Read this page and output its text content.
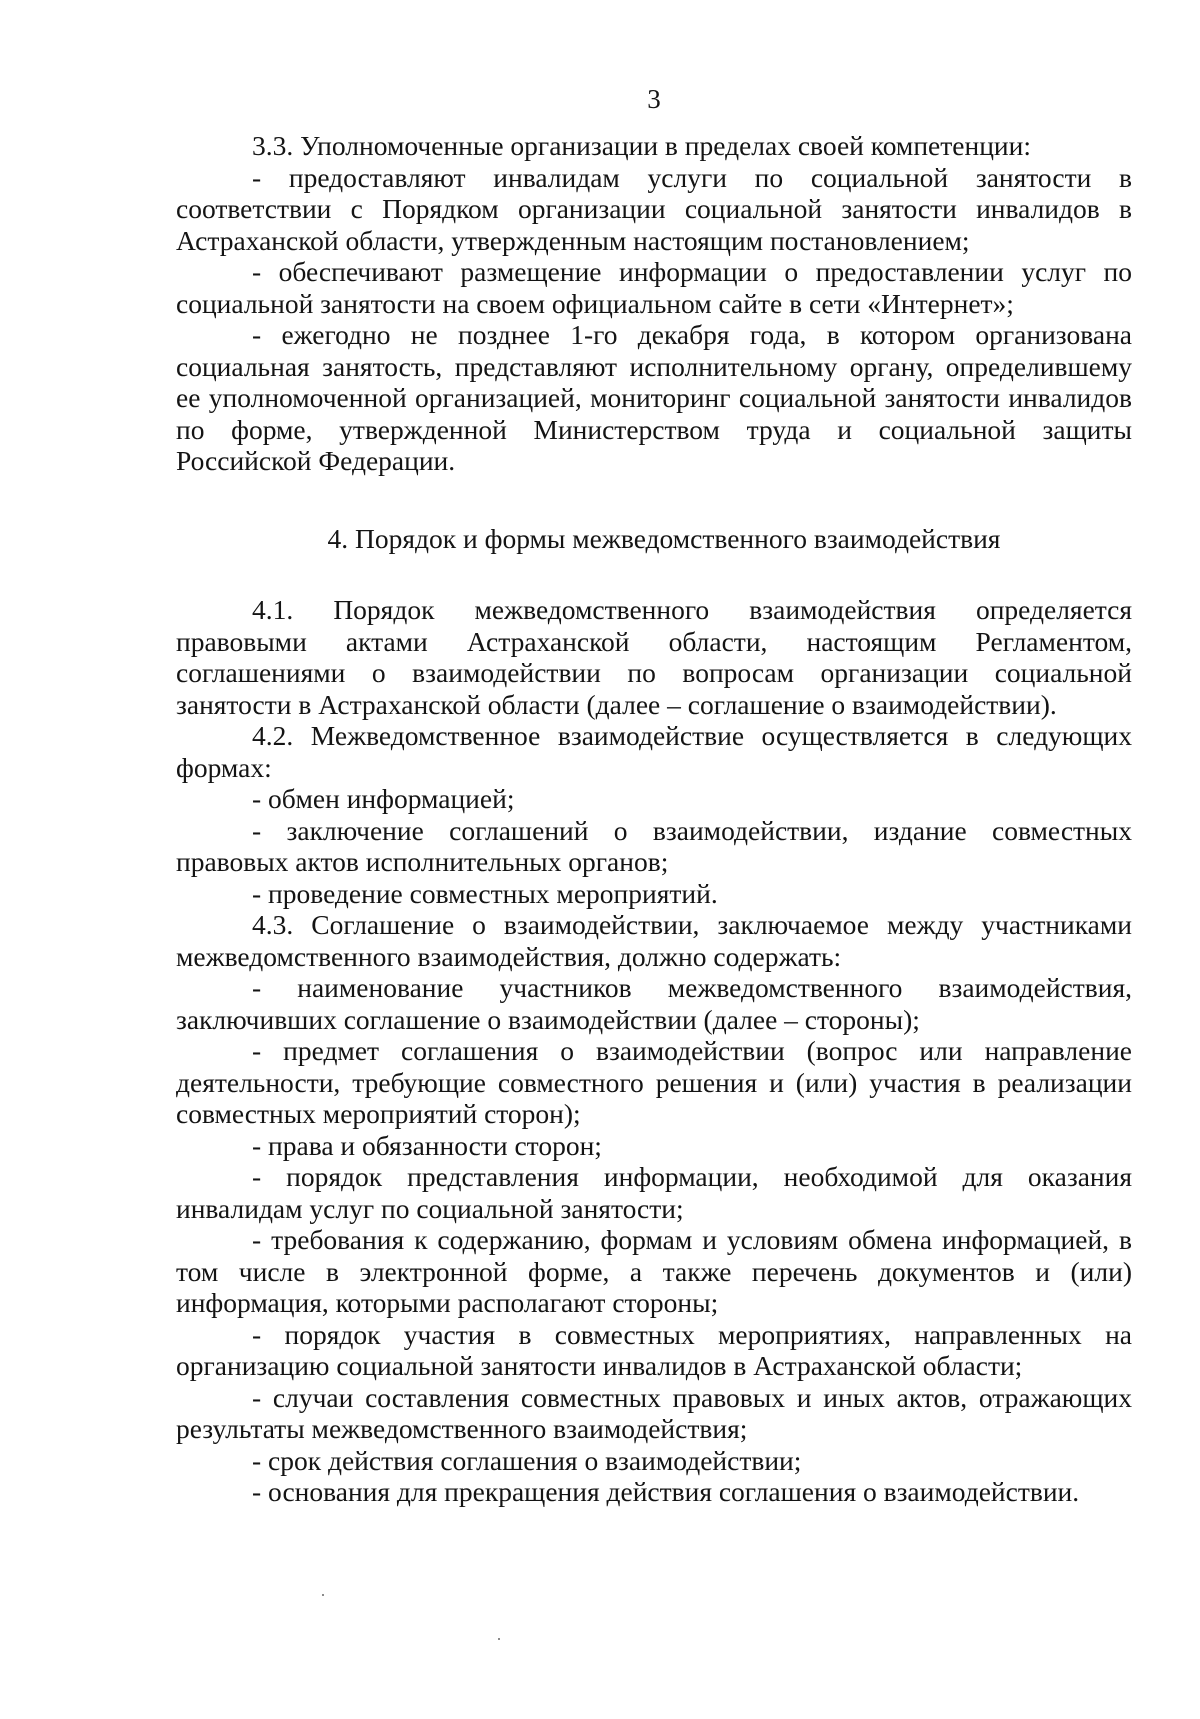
3

3.3. Уполномоченные организации в пределах своей компетенции:

- предоставляют инвалидам услуги по социальной занятости в соответствии с Порядком организации социальной занятости инвалидов в Астраханской области, утвержденным настоящим постановлением;

- обеспечивают размещение информации о предоставлении услуг по социальной занятости на своем официальном сайте в сети «Интернет»;

- ежегодно не позднее 1-го декабря года, в котором организована социальная занятость, представляют исполнительному органу, определившему ее уполномоченной организацией, мониторинг социальной занятости инвалидов по форме, утвержденной Министерством труда и социальной защиты Российской Федерации.

4. Порядок и формы межведомственного взаимодействия

4.1. Порядок межведомственного взаимодействия определяется правовыми актами Астраханской области, настоящим Регламентом, соглашениями о взаимодействии по вопросам организации социальной занятости в Астраханской области (далее – соглашение о взаимодействии).

4.2. Межведомственное взаимодействие осуществляется в следующих формах:

- обмен информацией;

- заключение соглашений о взаимодействии, издание совместных правовых актов исполнительных органов;

- проведение совместных мероприятий.

4.3. Соглашение о взаимодействии, заключаемое между участниками межведомственного взаимодействия, должно содержать:

- наименование участников межведомственного взаимодействия, заключивших соглашение о взаимодействии (далее – стороны);

- предмет соглашения о взаимодействии (вопрос или направление деятельности, требующие совместного решения и (или) участия в реализации совместных мероприятий сторон);

- права и обязанности сторон;

- порядок представления информации, необходимой для оказания инвалидам услуг по социальной занятости;

- требования к содержанию, формам и условиям обмена информацией, в том числе в электронной форме, а также перечень документов и (или) информация, которыми располагают стороны;

- порядок участия в совместных мероприятиях, направленных на организацию социальной занятости инвалидов в Астраханской области;

- случаи составления совместных правовых и иных актов, отражающих результаты межведомственного взаимодействия;

- срок действия соглашения о взаимодействии;

- основания для прекращения действия соглашения о взаимодействии.
